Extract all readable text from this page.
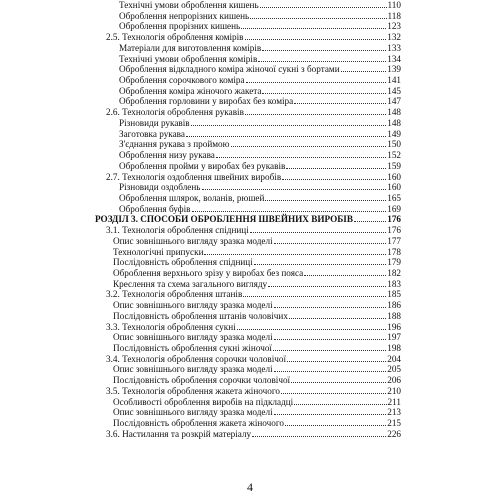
Технічні умови оброблення кишень	110
Оброблення непрорізних кишень	118
Оброблення прорізних кишень	123
2.5. Технологія оброблення комірів	132
Матеріали для виготовлення комірів	133
Технічні умови оброблення комірів	134
Оброблення відкладного коміра жіночої сукні з бортами	139
Оброблення сорочкового коміра	141
Оброблення коміра жіночого жакета	145
Оброблення горловини у виробах без коміра	147
2.6. Технологія оброблення рукавів	148
Різновиди рукавів	148
Заготовка рукава	149
З'єднання рукава з проймою	150
Оброблення низу рукава	152
Оброблення пройми у виробах без рукавів	159
2.7. Технологія оздоблення швейних виробів	160
Різновиди оздоблень	160
Оброблення шлярок, воланів, рюшей	165
Оброблення буфів	169
РОЗДІЛ 3. СПОСОБИ ОБРОБЛЕННЯ ШВЕЙНИХ ВИРОБІВ	176
3.1. Технологія оброблення спідниці	176
Опис зовнішнього вигляду зразка моделі	177
Технологічні припуски	178
Послідовність оброблення спідниці	179
Оброблення верхнього зрізу у виробах без пояса	182
Креслення та схема загального вигляду	183
3.2. Технологія оброблення штанів	185
Опис зовнішнього вигляду зразка моделі	186
Послідовність оброблення штанів чоловічих	188
3.3. Технологія оброблення сукні	196
Опис зовнішнього вигляду зразка моделі	197
Послідовність оброблення сукні жіночої	198
3.4. Технологія оброблення сорочки чоловічої	204
Опис зовнішнього вигляду зразка моделі	205
Послідовність оброблення сорочки чоловічої	206
3.5. Технологія оброблення жакета жіночого	210
Особливості оброблення виробів на підкладці	211
Опис зовнішнього вигляду зразка моделі	213
Послідовність оброблення жакета жіночого	215
3.6. Настилання та розкрій матеріалу	226
4
